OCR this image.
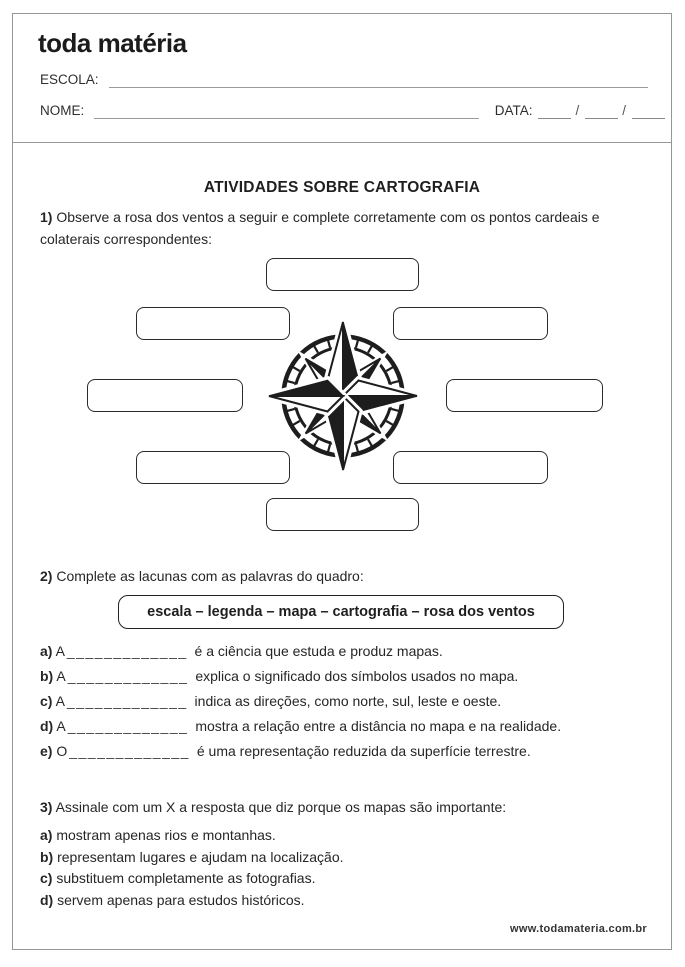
toda matéria
ESCOLA:
NOME:	DATA:	/	/
ATIVIDADES SOBRE CARTOGRAFIA

1) Observe a rosa dos ventos a seguir e complete corretamente com os pontos cardeais e colaterais correspondentes:

2) Complete as lacunas com as palavras do quadro:

escala – legenda – mapa – cartografia – rosa dos ventos
a) A _____________ é a ciência que estuda e produz mapas.
b) A _____________ explica o significado dos símbolos usados no mapa.
c) A _____________ indica as direções, como norte, sul, leste e oeste.
d) A _____________ mostra a relação entre a distância no mapa e na realidade.
e) O _____________ é uma representação reduzida da superfície terrestre.

3) Assinale com um X a resposta que diz porque os mapas são importante:

a) mostram apenas rios e montanhas.
b) representam lugares e ajudam na localização.
c) substituem completamente as fotografias.
d) servem apenas para estudos históricos.
www.todamateria.com.br
